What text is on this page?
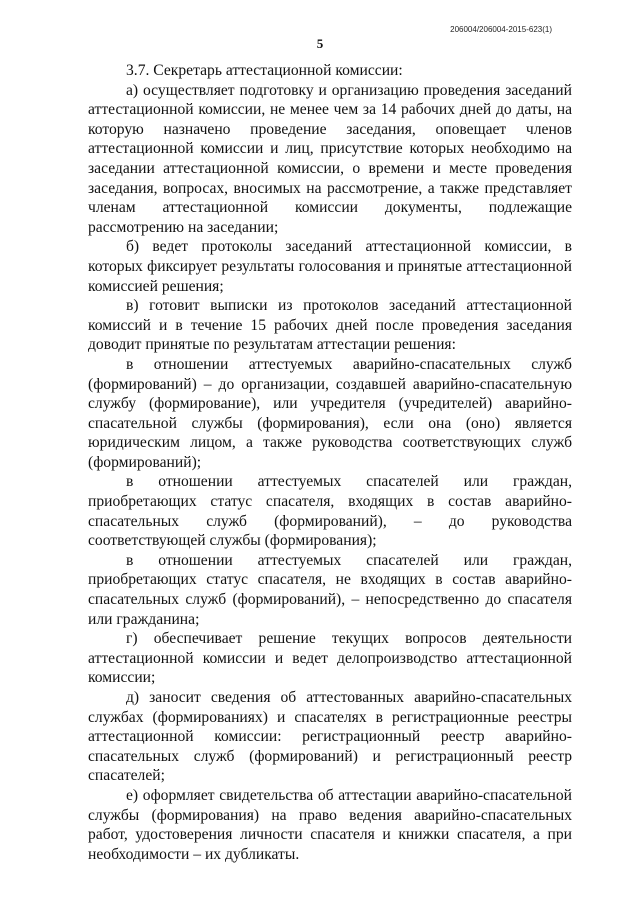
206004/206004-2015-623(1)
5

3.7. Секретарь аттестационной комиссии:

а) осуществляет подготовку и организацию проведения заседаний аттестационной комиссии, не менее чем за 14 рабочих дней до даты, на которую назначено проведение заседания, оповещает членов аттестационной комиссии и лиц, присутствие которых необходимо на заседании аттестационной комиссии, о времени и месте проведения заседания, вопросах, вносимых на рассмотрение, а также представляет членам аттестационной комиссии документы, подлежащие рассмотрению на заседании;

б) ведет протоколы заседаний аттестационной комиссии, в которых фиксирует результаты голосования и принятые аттестационной комиссией решения;

в) готовит выписки из протоколов заседаний аттестационной комиссий и в течение 15 рабочих дней после проведения заседания доводит принятые по результатам аттестации решения:

в отношении аттестуемых аварийно-спасательных служб (формирований) – до организации, создавшей аварийно-спасательную службу (формирование), или учредителя (учредителей) аварийно-спасательной службы (формирования), если она (оно) является юридическим лицом, а также руководства соответствующих служб (формирований);

в отношении аттестуемых спасателей или граждан, приобретающих статус спасателя, входящих в состав аварийно-спасательных служб (формирований), – до руководства соответствующей службы (формирования);

в отношении аттестуемых спасателей или граждан, приобретающих статус спасателя, не входящих в состав аварийно-спасательных служб (формирований), – непосредственно до спасателя или гражданина;

г) обеспечивает решение текущих вопросов деятельности аттестационной комиссии и ведет делопроизводство аттестационной комиссии;

д) заносит сведения об аттестованных аварийно-спасательных службах (формированиях) и спасателях в регистрационные реестры аттестационной комиссии: регистрационный реестр аварийно-спасательных служб (формирований) и регистрационный реестр спасателей;

е) оформляет свидетельства об аттестации аварийно-спасательной службы (формирования) на право ведения аварийно-спасательных работ, удостоверения личности спасателя и книжки спасателя, а при необходимости – их дубликаты.
